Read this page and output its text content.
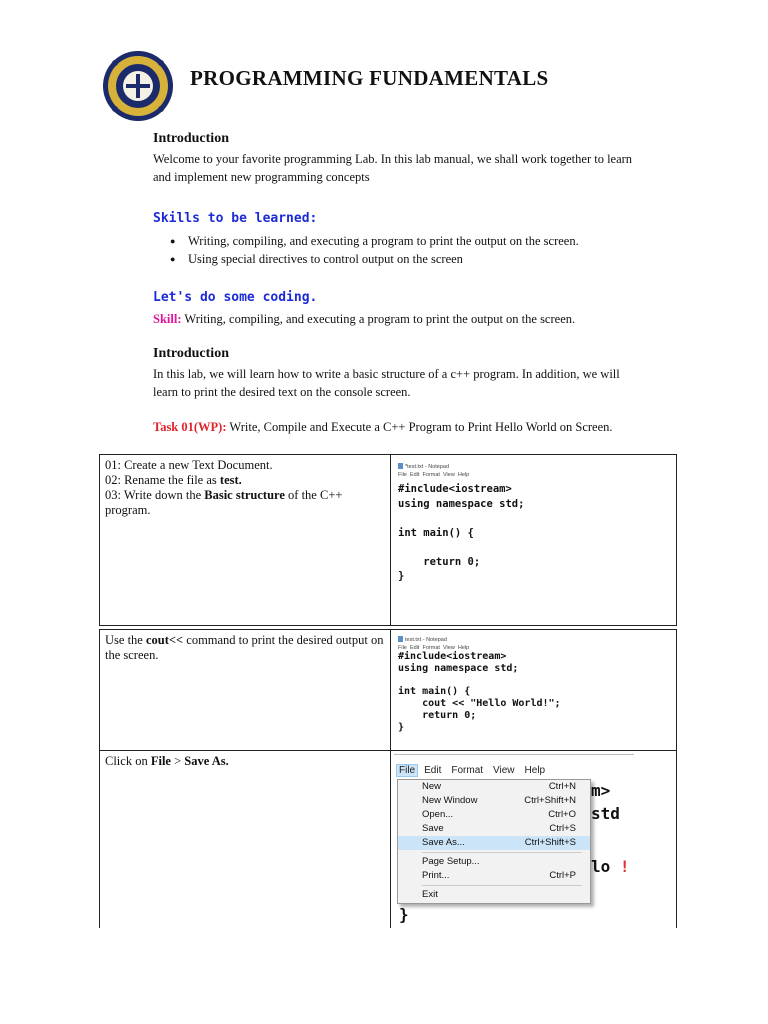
PROGRAMMING FUNDAMENTALS
Introduction
Welcome to your favorite programming Lab. In this lab manual, we shall work together to learn and implement new programming concepts
Skills to be learned:
● Writing, compiling, and executing a program to print the output on the screen.
● Using special directives to control output on the screen
Let's do some coding.
Skill: Writing, compiling, and executing a program to print the output on the screen.
Introduction
In this lab, we will learn how to write a basic structure of a c++ program. In addition, we will learn to print the desired text on the console screen.
Task 01(WP): Write, Compile and Execute a C++ Program to Print Hello World on Screen.
01: Create a new Text Document.
02: Rename the file as test.
03: Write down the Basic structure of the C++ program.

*test.txt - Notepad
File Edit Format View Help
#include<iostream>
using namespace std;

int main() {

return 0;
}
Use the cout<< command to print the desired output on the screen.	

Click on File > Save As.	

test.txt - Notepad
File Edit Format View Help
#include<iostream>
using namespace std;

int main() {
cout << "Hello World!";
return 0;
}
File Edit Format View Help
m>
std
lo !
}
New	Ctrl+N
New Window	Ctrl+Shift+N
Open...	Ctrl+O
Save	Ctrl+S
Save As...	Ctrl+Shift+S
Page Setup...
Print...	Ctrl+P
Exit
